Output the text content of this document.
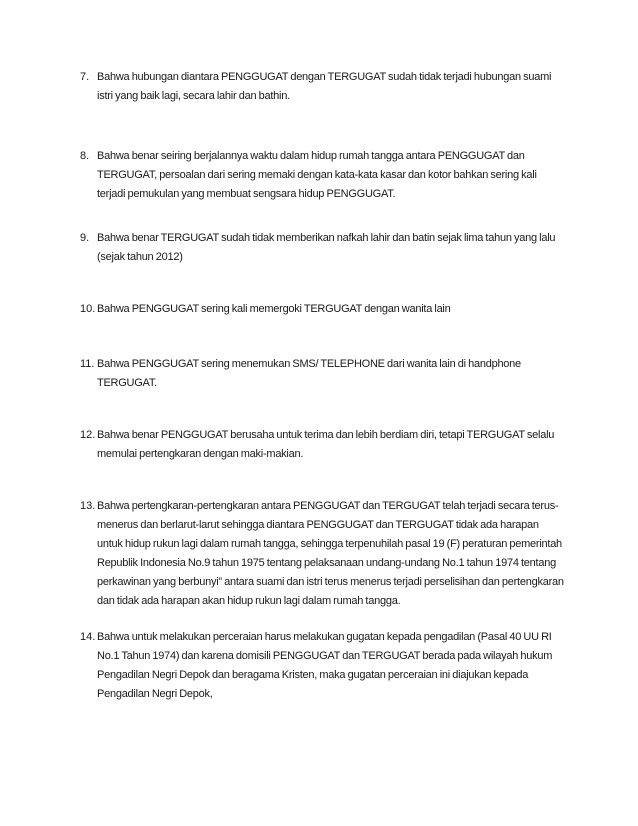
7. Bahwa hubungan diantara PENGGUGAT dengan TERGUGAT sudah tidak terjadi hubungan suami istri yang baik lagi, secara lahir dan bathin.
8. Bahwa benar seiring berjalannya waktu dalam hidup rumah tangga antara PENGGUGAT dan TERGUGAT, persoalan dari sering memaki dengan kata-kata kasar dan kotor bahkan sering kali terjadi pemukulan yang membuat sengsara hidup PENGGUGAT.
9. Bahwa benar TERGUGAT sudah tidak memberikan nafkah lahir dan batin sejak lima tahun yang lalu (sejak tahun 2012)
10. Bahwa PENGGUGAT sering kali memergoki TERGUGAT dengan wanita lain
11. Bahwa PENGGUGAT sering menemukan SMS/ TELEPHONE dari wanita lain di handphone TERGUGAT.
12. Bahwa benar PENGGUGAT berusaha untuk terima dan lebih berdiam diri, tetapi TERGUGAT selalu memulai pertengkaran dengan maki-makian.
13. Bahwa pertengkaran-pertengkaran antara PENGGUGAT dan TERGUGAT telah terjadi secara terus-menerus dan berlarut-larut sehingga diantara PENGGUGAT dan TERGUGAT tidak ada harapan untuk hidup rukun lagi dalam rumah tangga, sehingga terpenuhilah pasal 19 (F) peraturan pemerintah Republik Indonesia No.9 tahun 1975 tentang pelaksanaan undang-undang No.1 tahun 1974 tentang perkawinan yang berbunyi” antara suami dan istri terus menerus terjadi perselisihan dan pertengkaran dan tidak ada harapan akan hidup rukun lagi dalam rumah tangga.
14. Bahwa untuk melakukan perceraian harus melakukan gugatan kepada pengadilan (Pasal 40 UU RI No.1 Tahun 1974) dan karena domisili PENGGUGAT dan TERGUGAT berada pada wilayah hukum Pengadilan Negri Depok dan beragama Kristen, maka gugatan perceraian ini diajukan kepada Pengadilan Negri Depok,
